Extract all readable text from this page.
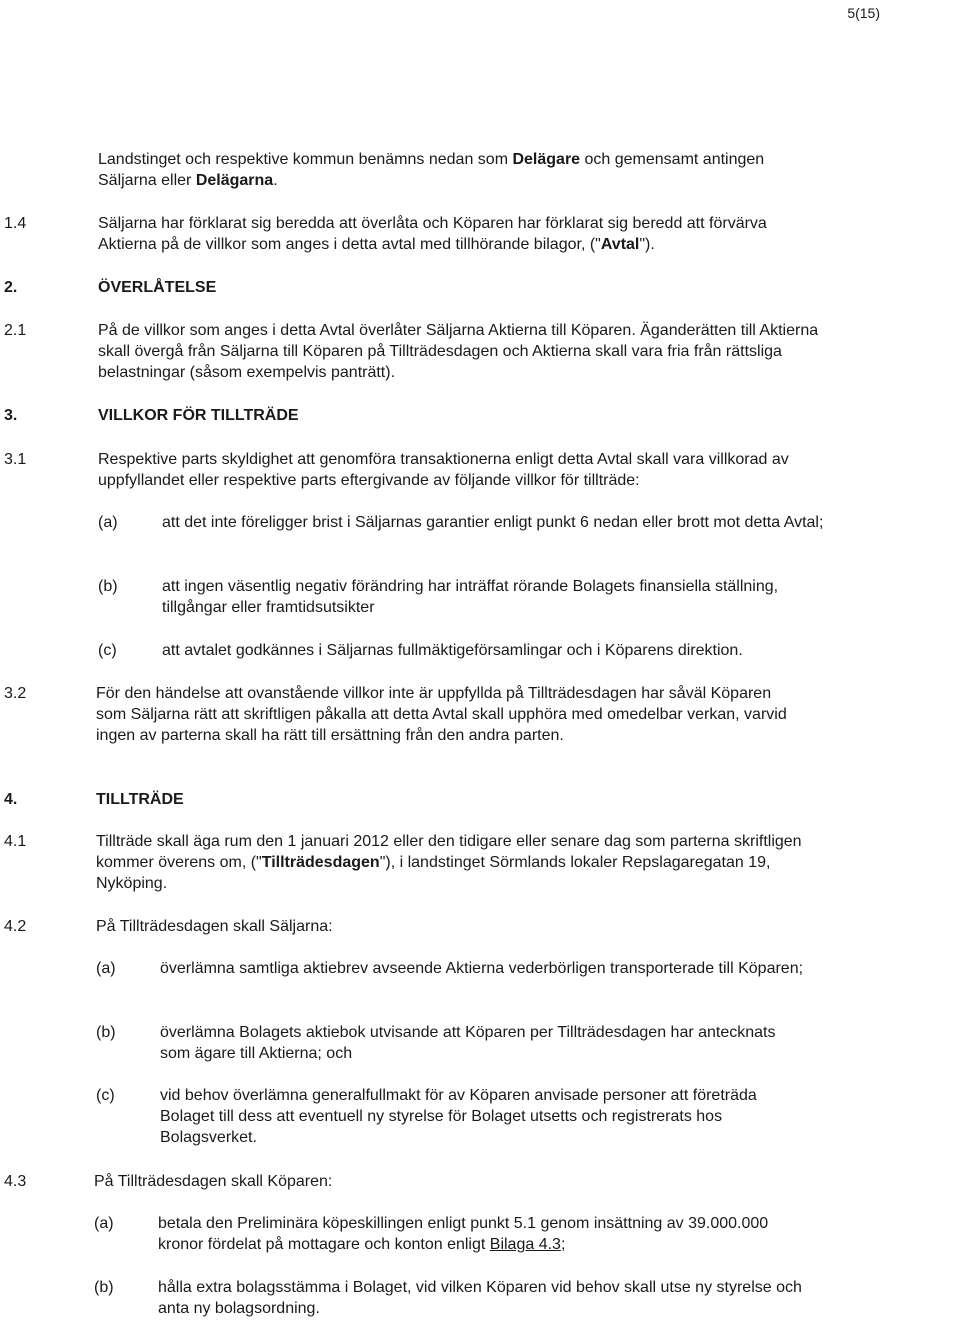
5(15)
Landstinget och respektive kommun benämns nedan som Delägare och gemensamt antingen Säljarna eller Delägarna.
1.4	Säljarna har förklarat sig beredda att överlåta och Köparen har förklarat sig beredd att förvärva Aktierna på de villkor som anges i detta avtal med tillhörande bilagor, ("Avtal").
2.	ÖVERLÅTELSE
2.1	På de villkor som anges i detta Avtal överlåter Säljarna Aktierna till Köparen. Äganderätten till Aktierna skall övergå från Säljarna till Köparen på Tillträdesdagen och Aktierna skall vara fria från rättsliga belastningar (såsom exempelvis panträtt).
3.	VILLKOR FÖR TILLTRÄDE
3.1	Respektive parts skyldighet att genomföra transaktionerna enligt detta Avtal skall vara villkorad av uppfyllandet eller respektive parts eftergivande av följande villkor för tillträde:
(a)	att det inte föreligger brist i Säljarnas garantier enligt punkt 6 nedan eller brott mot detta Avtal;
(b)	att ingen väsentlig negativ förändring har inträffat rörande Bolagets finansiella ställning, tillgångar eller framtidsutsikter
(c)	att avtalet godkännes i Säljarnas fullmäktigeförsamlingar och i Köparens direktion.
3.2	För den händelse att ovanstående villkor inte är uppfyllda på Tillträdesdagen har såväl Köparen som Säljarna rätt att skriftligen påkalla att detta Avtal skall upphöra med omedelbar verkan, varvid ingen av parterna skall ha rätt till ersättning från den andra parten.
4.	TILLTRÄDE
4.1	Tillträde skall äga rum den 1 januari 2012 eller den tidigare eller senare dag som parterna skriftligen kommer överens om, ("Tillträdesdagen"), i landstinget Sörmlands lokaler Repslagaregatan 19, Nyköping.
4.2	På Tillträdesdagen skall Säljarna:
(a)	överlämna samtliga aktiebrev avseende Aktierna vederbörligen transporterade till Köparen;
(b)	överlämna Bolagets aktiebok utvisande att Köparen per Tillträdesdagen har antecknats som ägare till Aktierna; och
(c)	vid behov överlämna generalfullmakt för av Köparen anvisade personer att företräda Bolaget till dess att eventuell ny styrelse för Bolaget utsetts och registrerats hos Bolagsverket.
4.3	På Tillträdesdagen skall Köparen:
(a)	betala den Preliminära köpeskillingen enligt punkt 5.1 genom insättning av 39.000.000 kronor fördelat på mottagare och konton enligt Bilaga 4.3;
(b)	hålla extra bolagsstämma i Bolaget, vid vilken Köparen vid behov skall utse ny styrelse och anta ny bolagsordning.
